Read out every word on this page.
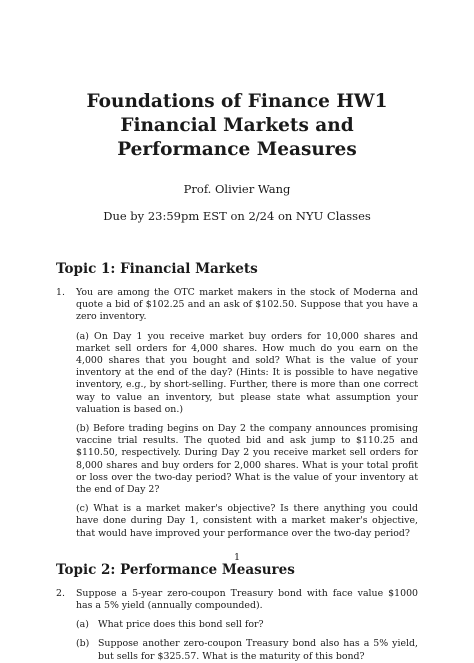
Foundations of Finance HW1
Financial Markets and Performance Measures
Prof. Olivier Wang
Due by 23:59pm EST on 2/24 on NYU Classes
Topic 1: Financial Markets
1.	You are among the OTC market makers in the stock of Moderna and quote a bid of $102.25 and an ask of $102.50. Suppose that you have a zero inventory.

(a) On Day 1 you receive market buy orders for 10,000 shares and market sell orders for 4,000 shares. How much do you earn on the 4,000 shares that you bought and sold? What is the value of your inventory at the end of the day? (Hints: It is possible to have negative inventory, e.g., by short-selling. Further, there is more than one correct way to value an inventory, but please state what assumption your valuation is based on.)

(b) Before trading begins on Day 2 the company announces promising vaccine trial results. The quoted bid and ask jump to $110.25 and $110.50, respectively. During Day 2 you receive market sell orders for 8,000 shares and buy orders for 2,000 shares. What is your total profit or loss over the two-day period? What is the value of your inventory at the end of Day 2?

(c) What is a market maker's objective? Is there anything you could have done during Day 1, consistent with a market maker's objective, that would have improved your performance over the two-day period?

Topic 2: Performance Measures
2.	Suppose a 5-year zero-coupon Treasury bond with face value $1000 has a 5% yield (annually compounded).
(a) What price does this bond sell for?
(b) Suppose another zero-coupon Treasury bond also has a 5% yield, but sells for $325.57. What is the maturity of this bond?
1
